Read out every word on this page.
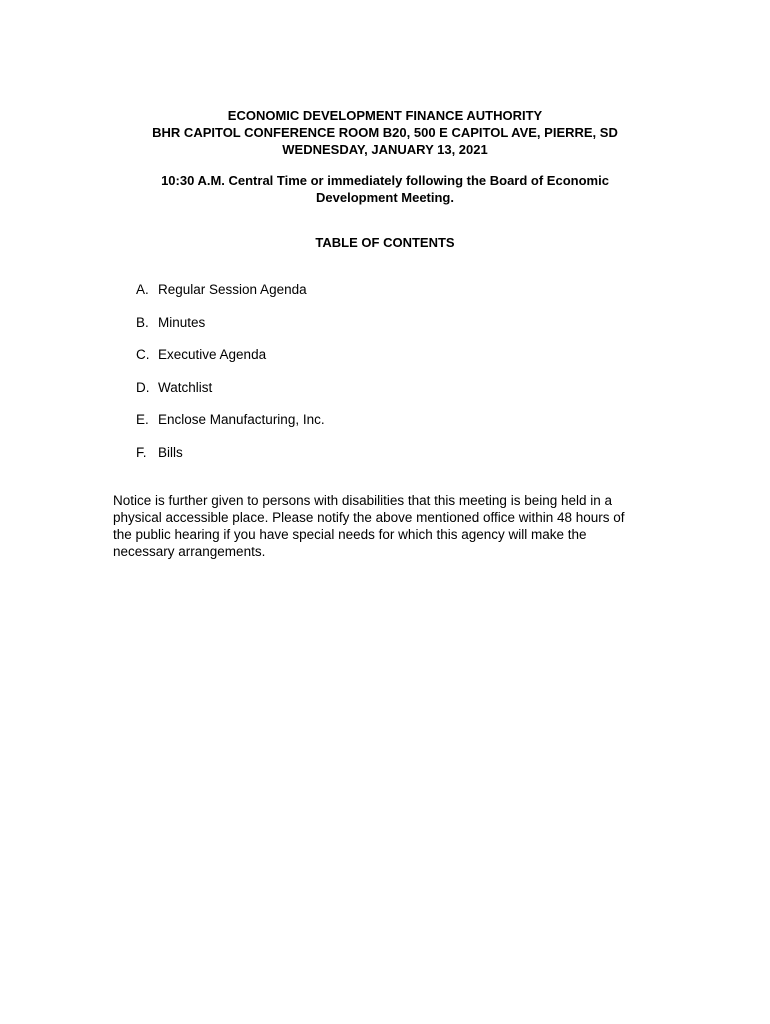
ECONOMIC DEVELOPMENT FINANCE AUTHORITY
BHR CAPITOL CONFERENCE ROOM B20, 500 E CAPITOL AVE, PIERRE, SD
WEDNESDAY, JANUARY 13, 2021
10:30 A.M. Central Time or immediately following the Board of Economic
Development Meeting.
TABLE OF CONTENTS
A. Regular Session Agenda
B. Minutes
C. Executive Agenda
D. Watchlist
E. Enclose Manufacturing, Inc.
F. Bills
Notice is further given to persons with disabilities that this meeting is being held in a
physical accessible place. Please notify the above mentioned office within 48 hours of
the public hearing if you have special needs for which this agency will make the
necessary arrangements.
